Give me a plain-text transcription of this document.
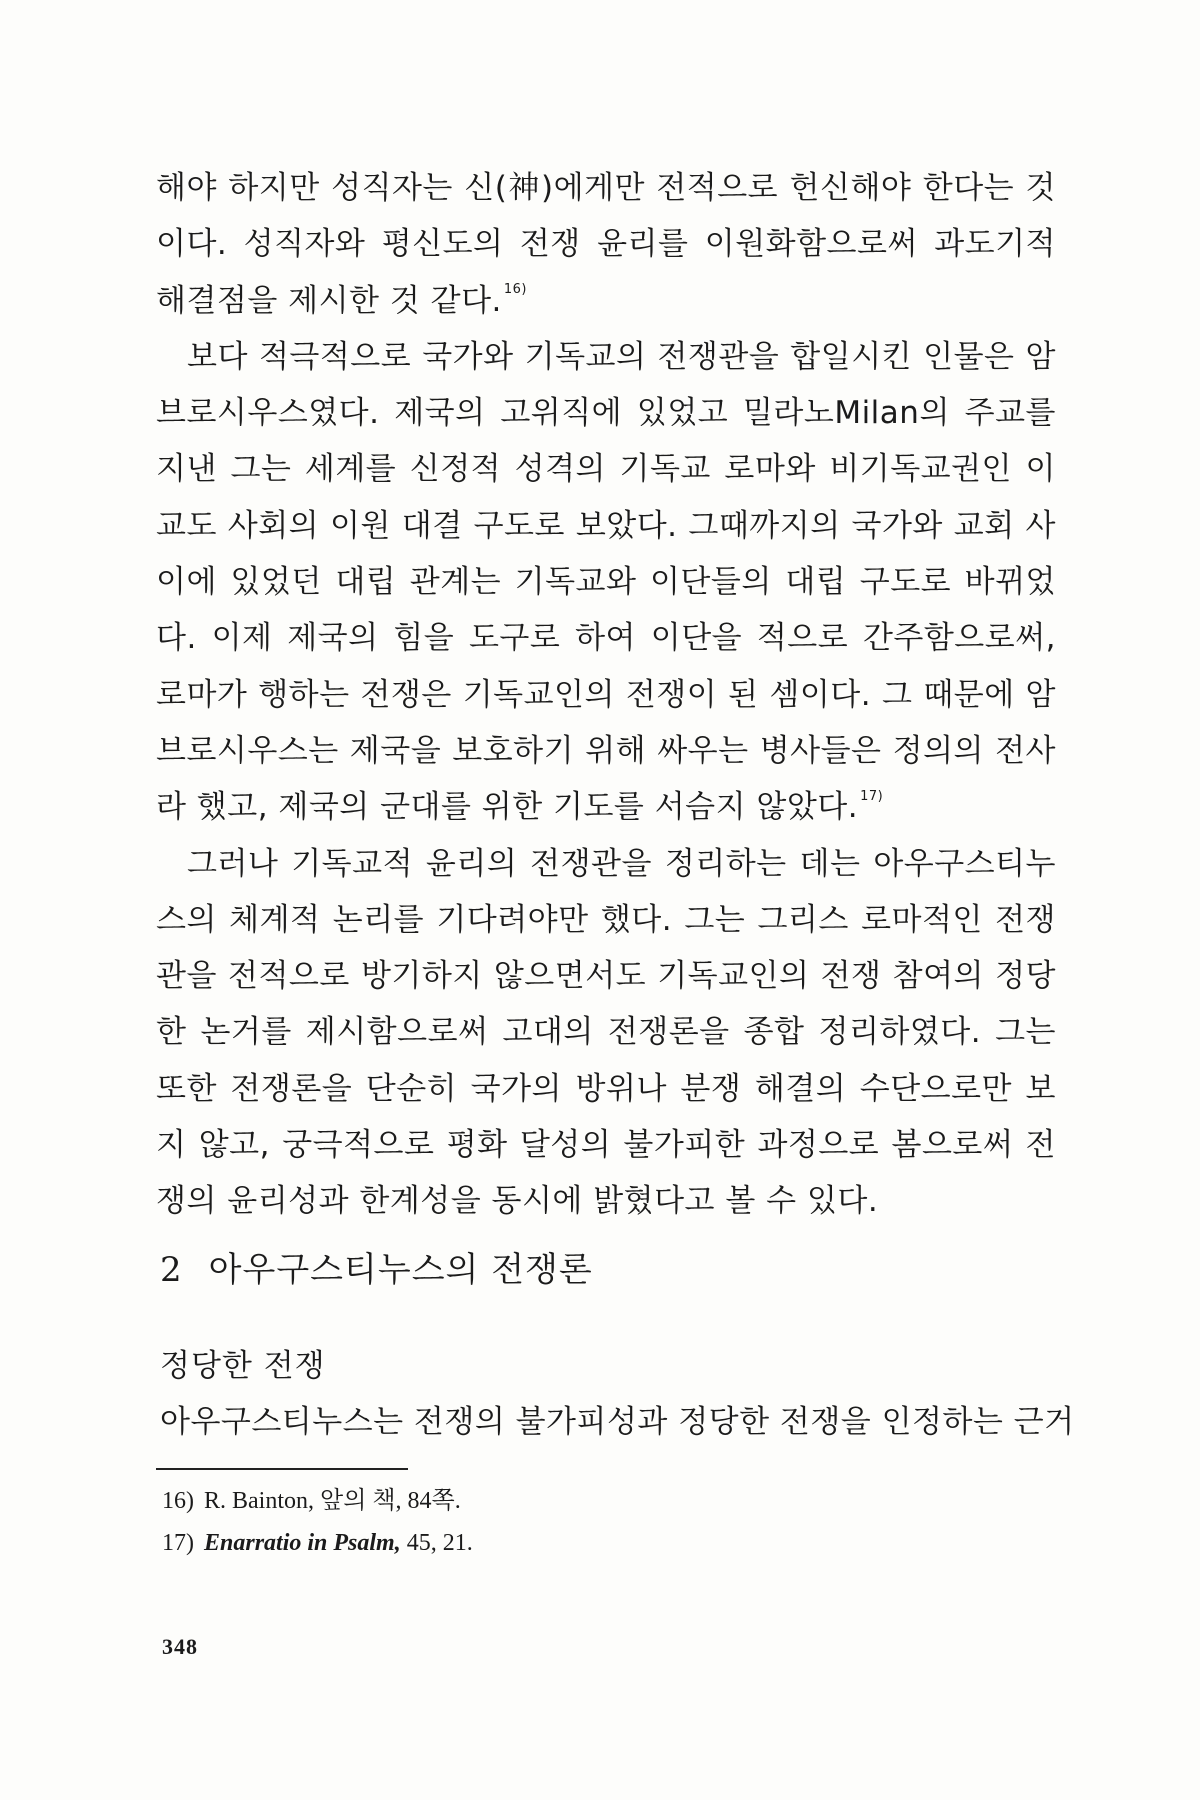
해야 하지만 성직자는 신(神)에게만 전적으로 헌신해야 한다는 것이다. 성직자와 평신도의 전쟁 윤리를 이원화함으로써 과도기적 해결점을 제시한 것 같다. $^{16)}$

보다 적극적으로 국가와 기독교의 전쟁관을 합일시킨 인물은 암브로시우스였다. 제국의 고위직에 있었고 밀라노Milan의 주교를 지낸 그는 세계를 신정적 성격의 기독교 로마와 비기독교권인 이교도 사회의 이원 대결 구도로 보았다. 그때까지의 국가와 교회 사이에 있었던 대립 관계는 기독교와 이단들의 대립 구도로 바뀌었다. 이제 제국의 힘을 도구로 하여 이단을 적으로 간주함으로써, 로마가 행하는 전쟁은 기독교인의 전쟁이 된 셈이다. 그 때문에 암브로시우스는 제국을 보호하기 위해 싸우는 병사들은 정의의 전사라 했고, 제국의 군대를 위한 기도를 서슴지 않았다. $^{17)}$

그러나 기독교적 윤리의 전쟁관을 정리하는 데는 아우구스티누스의 체계적 논리를 기다려야만 했다. 그는 그리스 로마적인 전쟁관을 전적으로 방기하지 않으면서도 기독교인의 전쟁 참여의 정당한 논거를 제시함으로써 고대의 전쟁론을 종합 정리하였다. 그는 또한 전쟁론을 단순히 국가의 방위나 분쟁 해결의 수단으로만 보지 않고, 궁극적으로 평화 달성의 불가피한 과정으로 봄으로써 전쟁의 윤리성과 한계성을 동시에 밝혔다고 볼 수 있다.

2 아우구스티누스의 전쟁론
정당한 전쟁
아우구스티누스는 전쟁의 불가피성과 정당한 전쟁을 인정하는 근거
16) R. Bainton, 앞의 책, 84쪽.
17) Enarratio in Psalm, 45, 21.
348
